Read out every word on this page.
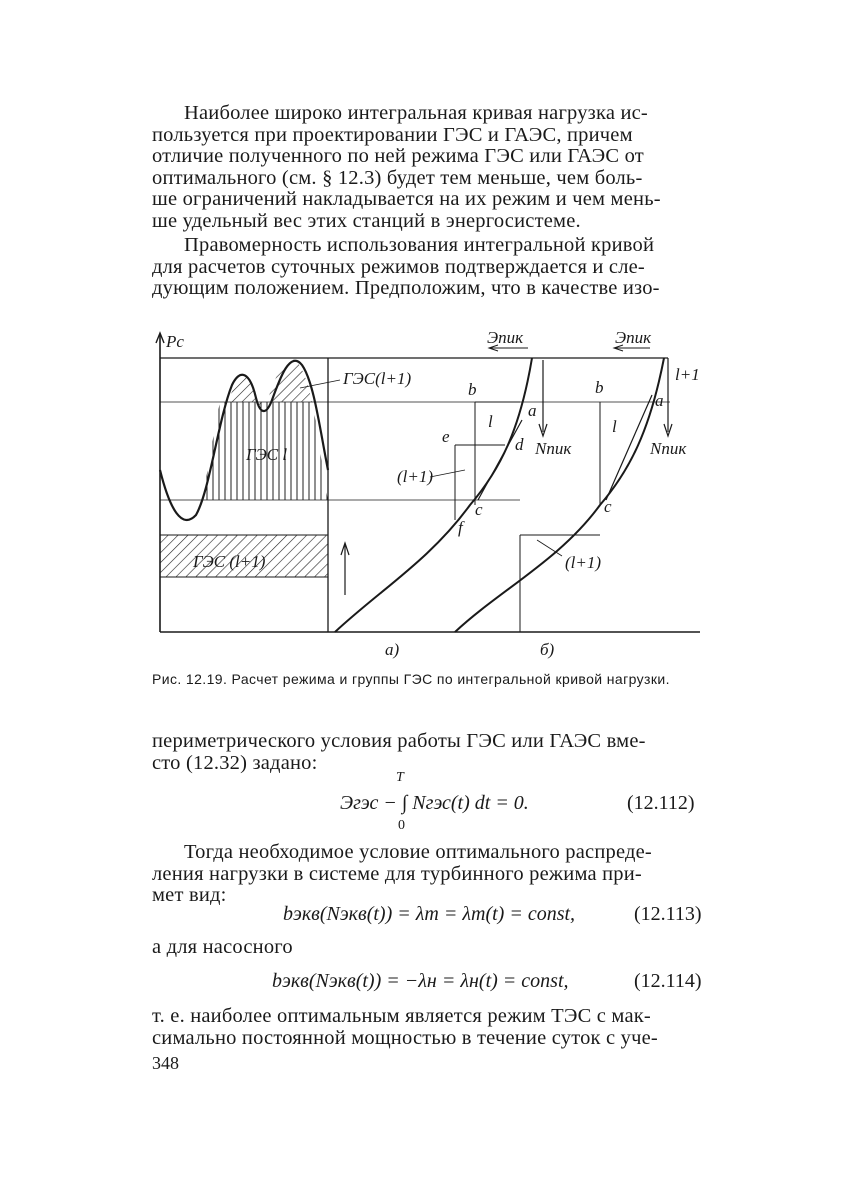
Наиболее широко интегральная кривая нагрузка ис-
пользуется при проектировании ГЭС и ГАЭС, причем
отличие полученного по ней режима ГЭС или ГАЭС от
оптимального (см. § 12.3) будет тем меньше, чем боль-
ше ограничений накладывается на их режим и чем мень-
ше удельный вес этих станций в энергосистеме.
Правомерность использования интегральной кривой
для расчетов суточных режимов подтверждается и сле-
дующим положением. Предположим, что в качестве изо-
Рс	Эпик	Эпик
ГЭС(l+1)
ГЭС l
ГЭС (l+1)
l+1
b
a
l
e	d Nпик
(l+1)
c
f
b
a
l
Nпик
c
(l+1)
а)	б)
Рис. 12.19. Расчет режима и группы ГЭС по интегральной кривой нагрузки.
периметрического условия работы ГЭС или ГАЭС вме-
сто (12.32) задано:
T
Эгэс − ∫ Nгэс(t) dt = 0.
0
(12.112)
Тогда необходимое условие оптимального распреде-
ления нагрузки в системе для турбинного режима при-
мет вид:
bэкв(Nэкв(t)) = λт = λт(t) = const,	(12.113)
а для насосного
bэкв(Nэкв(t)) = −λн = λн(t) = const,	(12.114)
т. е. наиболее оптимальным является режим ТЭС с мак-
симально постоянной мощностью в течение суток с уче-
348
